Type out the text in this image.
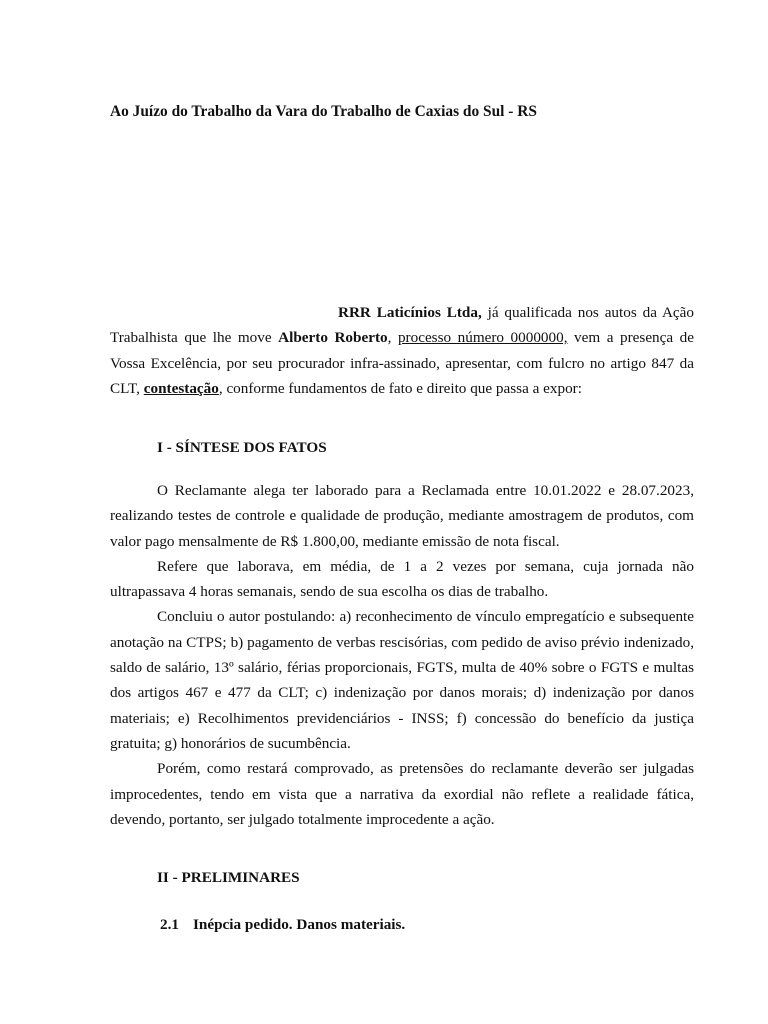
Ao Juízo do Trabalho da Vara do Trabalho de Caxias do Sul - RS

RRR Laticínios Ltda, já qualificada nos autos da Ação Trabalhista que lhe move Alberto Roberto, processo número 0000000, vem a presença de Vossa Excelência, por seu procurador infra-assinado, apresentar, com fulcro no artigo 847 da CLT, contestação, conforme fundamentos de fato e direito que passa a expor:

I - SÍNTESE DOS FATOS

O Reclamante alega ter laborado para a Reclamada entre 10.01.2022 e 28.07.2023, realizando testes de controle e qualidade de produção, mediante amostragem de produtos, com valor pago mensalmente de R$ 1.800,00, mediante emissão de nota fiscal.

Refere que laborava, em média, de 1 a 2 vezes por semana, cuja jornada não ultrapassava 4 horas semanais, sendo de sua escolha os dias de trabalho.

Concluiu o autor postulando: a) reconhecimento de vínculo empregatício e subsequente anotação na CTPS; b) pagamento de verbas rescisórias, com pedido de aviso prévio indenizado, saldo de salário, 13º salário, férias proporcionais, FGTS, multa de 40% sobre o FGTS e multas dos artigos 467 e 477 da CLT; c) indenização por danos morais; d) indenização por danos materiais; e) Recolhimentos previdenciários - INSS; f) concessão do benefício da justiça gratuita; g) honorários de sucumbência.

Porém, como restará comprovado, as pretensões do reclamante deverão ser julgadas improcedentes, tendo em vista que a narrativa da exordial não reflete a realidade fática, devendo, portanto, ser julgado totalmente improcedente a ação.

II - PRELIMINARES
2.1 Inépcia pedido. Danos materiais.
